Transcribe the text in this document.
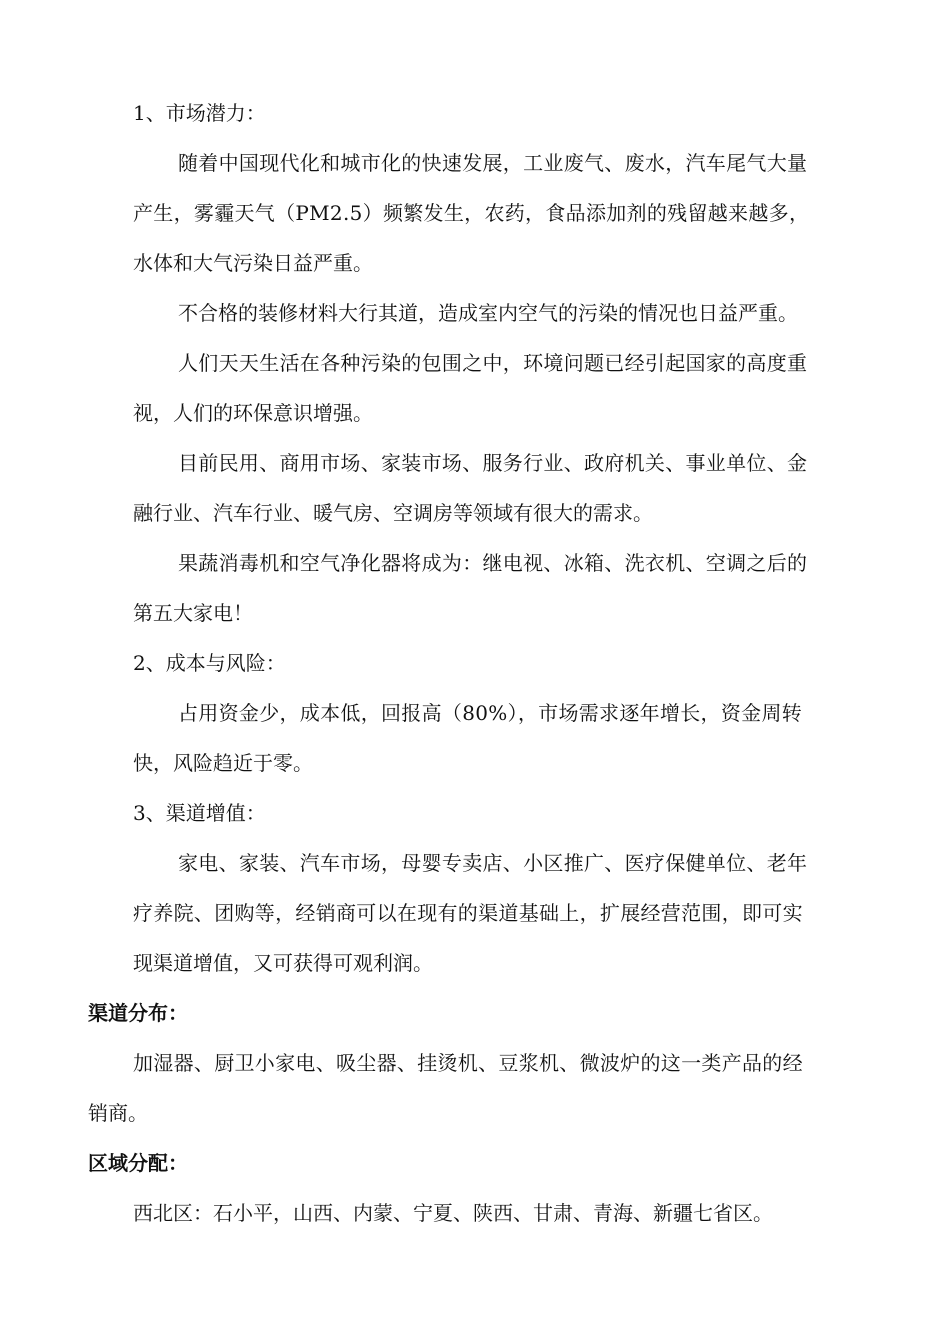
1、市场潜力：
随着中国现代化和城市化的快速发展，工业废气、废水，汽车尾气大量
产生，雾霾天气（PM2.5）频繁发生，农药，食品添加剂的残留越来越多，
水体和大气污染日益严重。
不合格的装修材料大行其道，造成室内空气的污染的情况也日益严重。
人们天天生活在各种污染的包围之中，环境问题已经引起国家的高度重
视，人们的环保意识增强。
目前民用、商用市场、家装市场、服务行业、政府机关、事业单位、金
融行业、汽车行业、暖气房、空调房等领域有很大的需求。
果蔬消毒机和空气净化器将成为：继电视、冰箱、洗衣机、空调之后的
第五大家电！
2、成本与风险：
占用资金少，成本低，回报高（80%），市场需求逐年增长，资金周转
快，风险趋近于零。
3、渠道增值：
家电、家装、汽车市场，母婴专卖店、小区推广、医疗保健单位、老年
疗养院、团购等，经销商可以在现有的渠道基础上，扩展经营范围，即可实
现渠道增值，又可获得可观利润。
渠道分布：
加湿器、厨卫小家电、吸尘器、挂烫机、豆浆机、微波炉的这一类产品的经
销商。
区域分配：
西北区：石小平，山西、内蒙、宁夏、陕西、甘肃、青海、新疆七省区。
